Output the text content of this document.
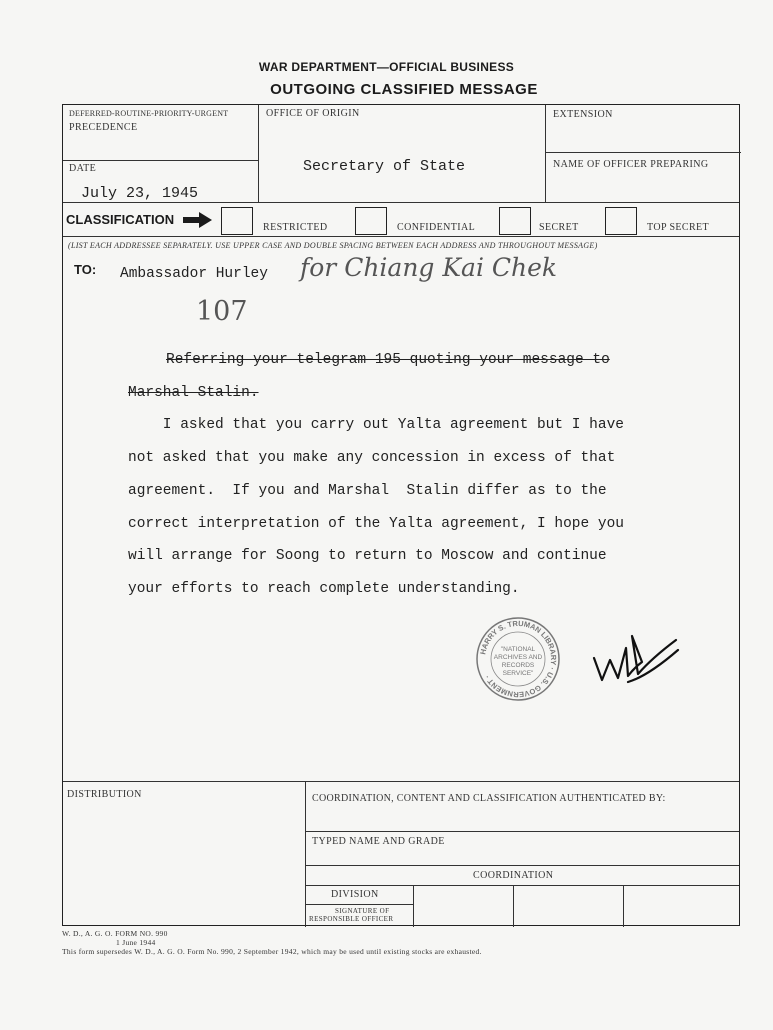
WAR DEPARTMENT—OFFICIAL BUSINESS
OUTGOING CLASSIFIED MESSAGE
DEFERRED-ROUTINE-PRIORITY-URGENT
PRECEDENCE
DATE
July 23, 1945
OFFICE OF ORIGIN
Secretary of State
EXTENSION
NAME OF OFFICER PREPARING
CLASSIFICATION
RESTRICTED	CONFIDENTIAL	SECRET	TOP SECRET
(LIST EACH ADDRESSEE SEPARATELY. USE UPPER CASE AND DOUBLE SPACING BETWEEN EACH ADDRESS AND THROUGHOUT MESSAGE)
DISTRIBUTION	COORDINATION, CONTENT AND CLASSIFICATION AUTHENTICATED BY:
TYPED NAME AND GRADE
COORDINATION
DIVISION
SIGNATURE OF
RESPONSIBLE OFFICER
TO: Ambassador Hurley for Chiang Kai Chek
107

Referring your telegram 195 quoting your message to

Marshal Stalin.

I asked that you carry out Yalta agreement but I have

not asked that you make any concession in excess of that

agreement.  If you and Marshal  Stalin differ as to the

correct interpretation of the Yalta agreement, I hope you

will arrange for Soong to return to Moscow and continue

your efforts to reach complete understanding.

HARRY S. TRUMAN LIBRARY · U.S. GOVERNMENT ·
"NATIONAL
ARCHIVES AND
RECORDS
SERVICE"
W. D., A. G. O. FORM NO. 990
1 June 1944
This form supersedes W. D., A. G. O. Form No. 990, 2 September 1942, which may be used until existing stocks are exhausted.
